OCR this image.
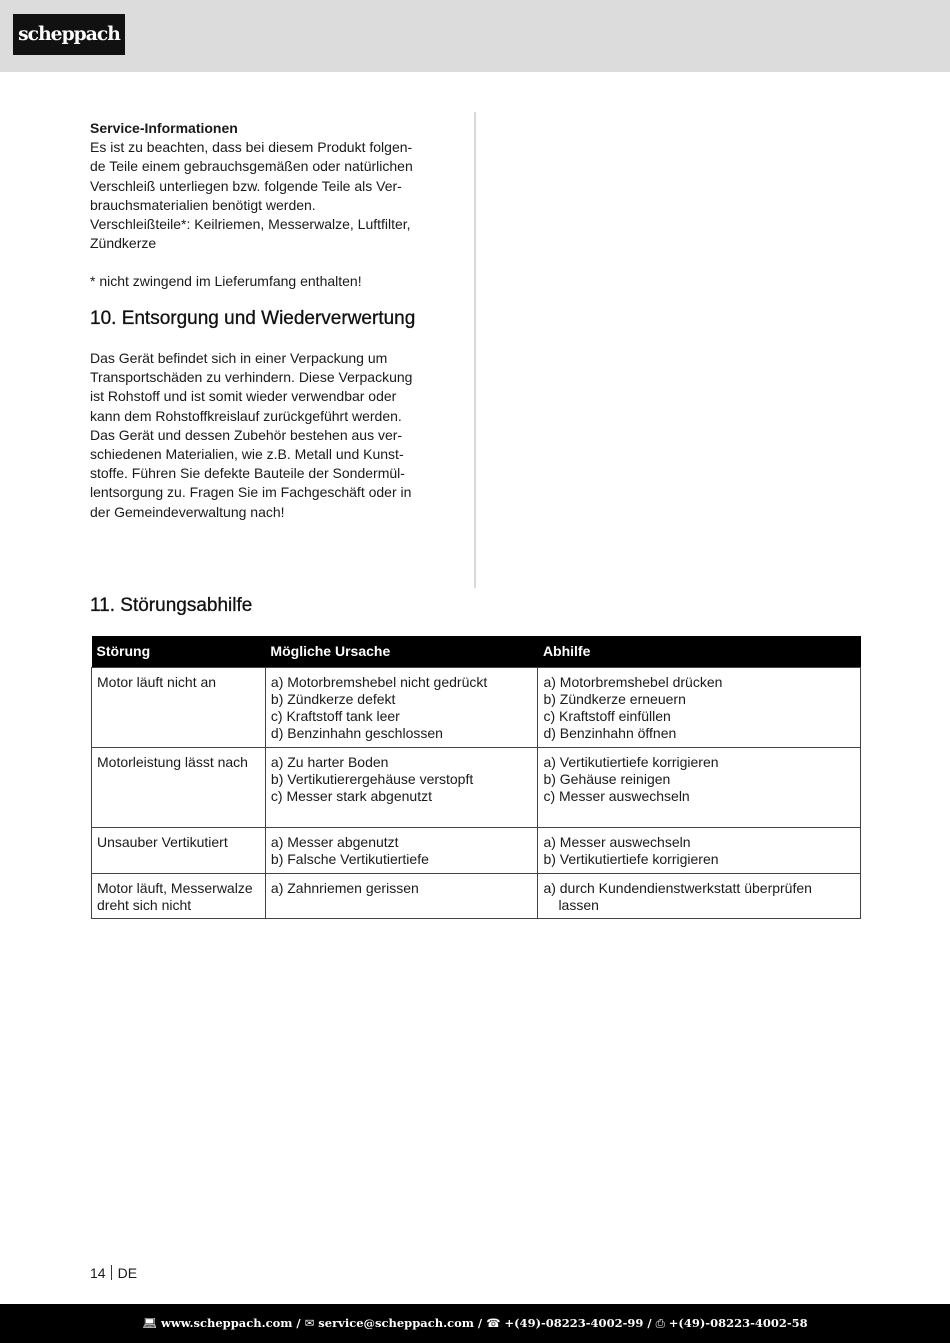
scheppach
Service-Informationen
Es ist zu beachten, dass bei diesem Produkt folgen-
de Teile einem gebrauchsgemäßen oder natürlichen
Verschleiß unterliegen bzw. folgende Teile als Ver-
brauchsmaterialien benötigt werden.
Verschleißteile*: Keilriemen, Messerwalze, Luftfilter,
Zündkerze
* nicht zwingend im Lieferumfang enthalten!
10. Entsorgung und Wiederverwertung
Das Gerät befindet sich in einer Verpackung um
Transportschäden zu verhindern. Diese Verpackung
ist Rohstoff und ist somit wieder verwendbar oder
kann dem Rohstoffkreislauf zurückgeführt werden.
Das Gerät und dessen Zubehör bestehen aus ver-
schiedenen Materialien, wie z.B. Metall und Kunst-
stoffe. Führen Sie defekte Bauteile der Sondermül-
lentsorgung zu. Fragen Sie im Fachgeschäft oder in
der Gemeindeverwaltung nach!
11. Störungsabhilfe
Störung	Mögliche Ursache	Abhilfe

Motor läuft nicht an	a) Motorbremshebel nicht gedrückt
b) Zündkerze defekt
c) Kraftstoff tank leer
d) Benzinhahn geschlossen	a) Motorbremshebel drücken
b) Zündkerze erneuern
c) Kraftstoff einfüllen
d) Benzinhahn öffnen

Motorleistung lässt nach	a) Zu harter Boden
b) Vertikutierergehäuse verstopft
c) Messer stark abgenutzt	a) Vertikutiertiefe korrigieren
b) Gehäuse reinigen
c) Messer auswechseln

Unsauber Vertikutiert	a) Messer abgenutzt
b) Falsche Vertikutiertiefe	a) Messer auswechseln
b) Vertikutiertiefe korrigieren

Motor läuft, Messerwalze
dreht sich nicht	a) Zahnriemen gerissen	a) durch Kundendienstwerkstatt überprüfen
lassen
14 DE
💻︎ www.scheppach.com / ✉ service@scheppach.com / ☎ +(49)-08223-4002-99 / ⎙ +(49)-08223-4002-58
